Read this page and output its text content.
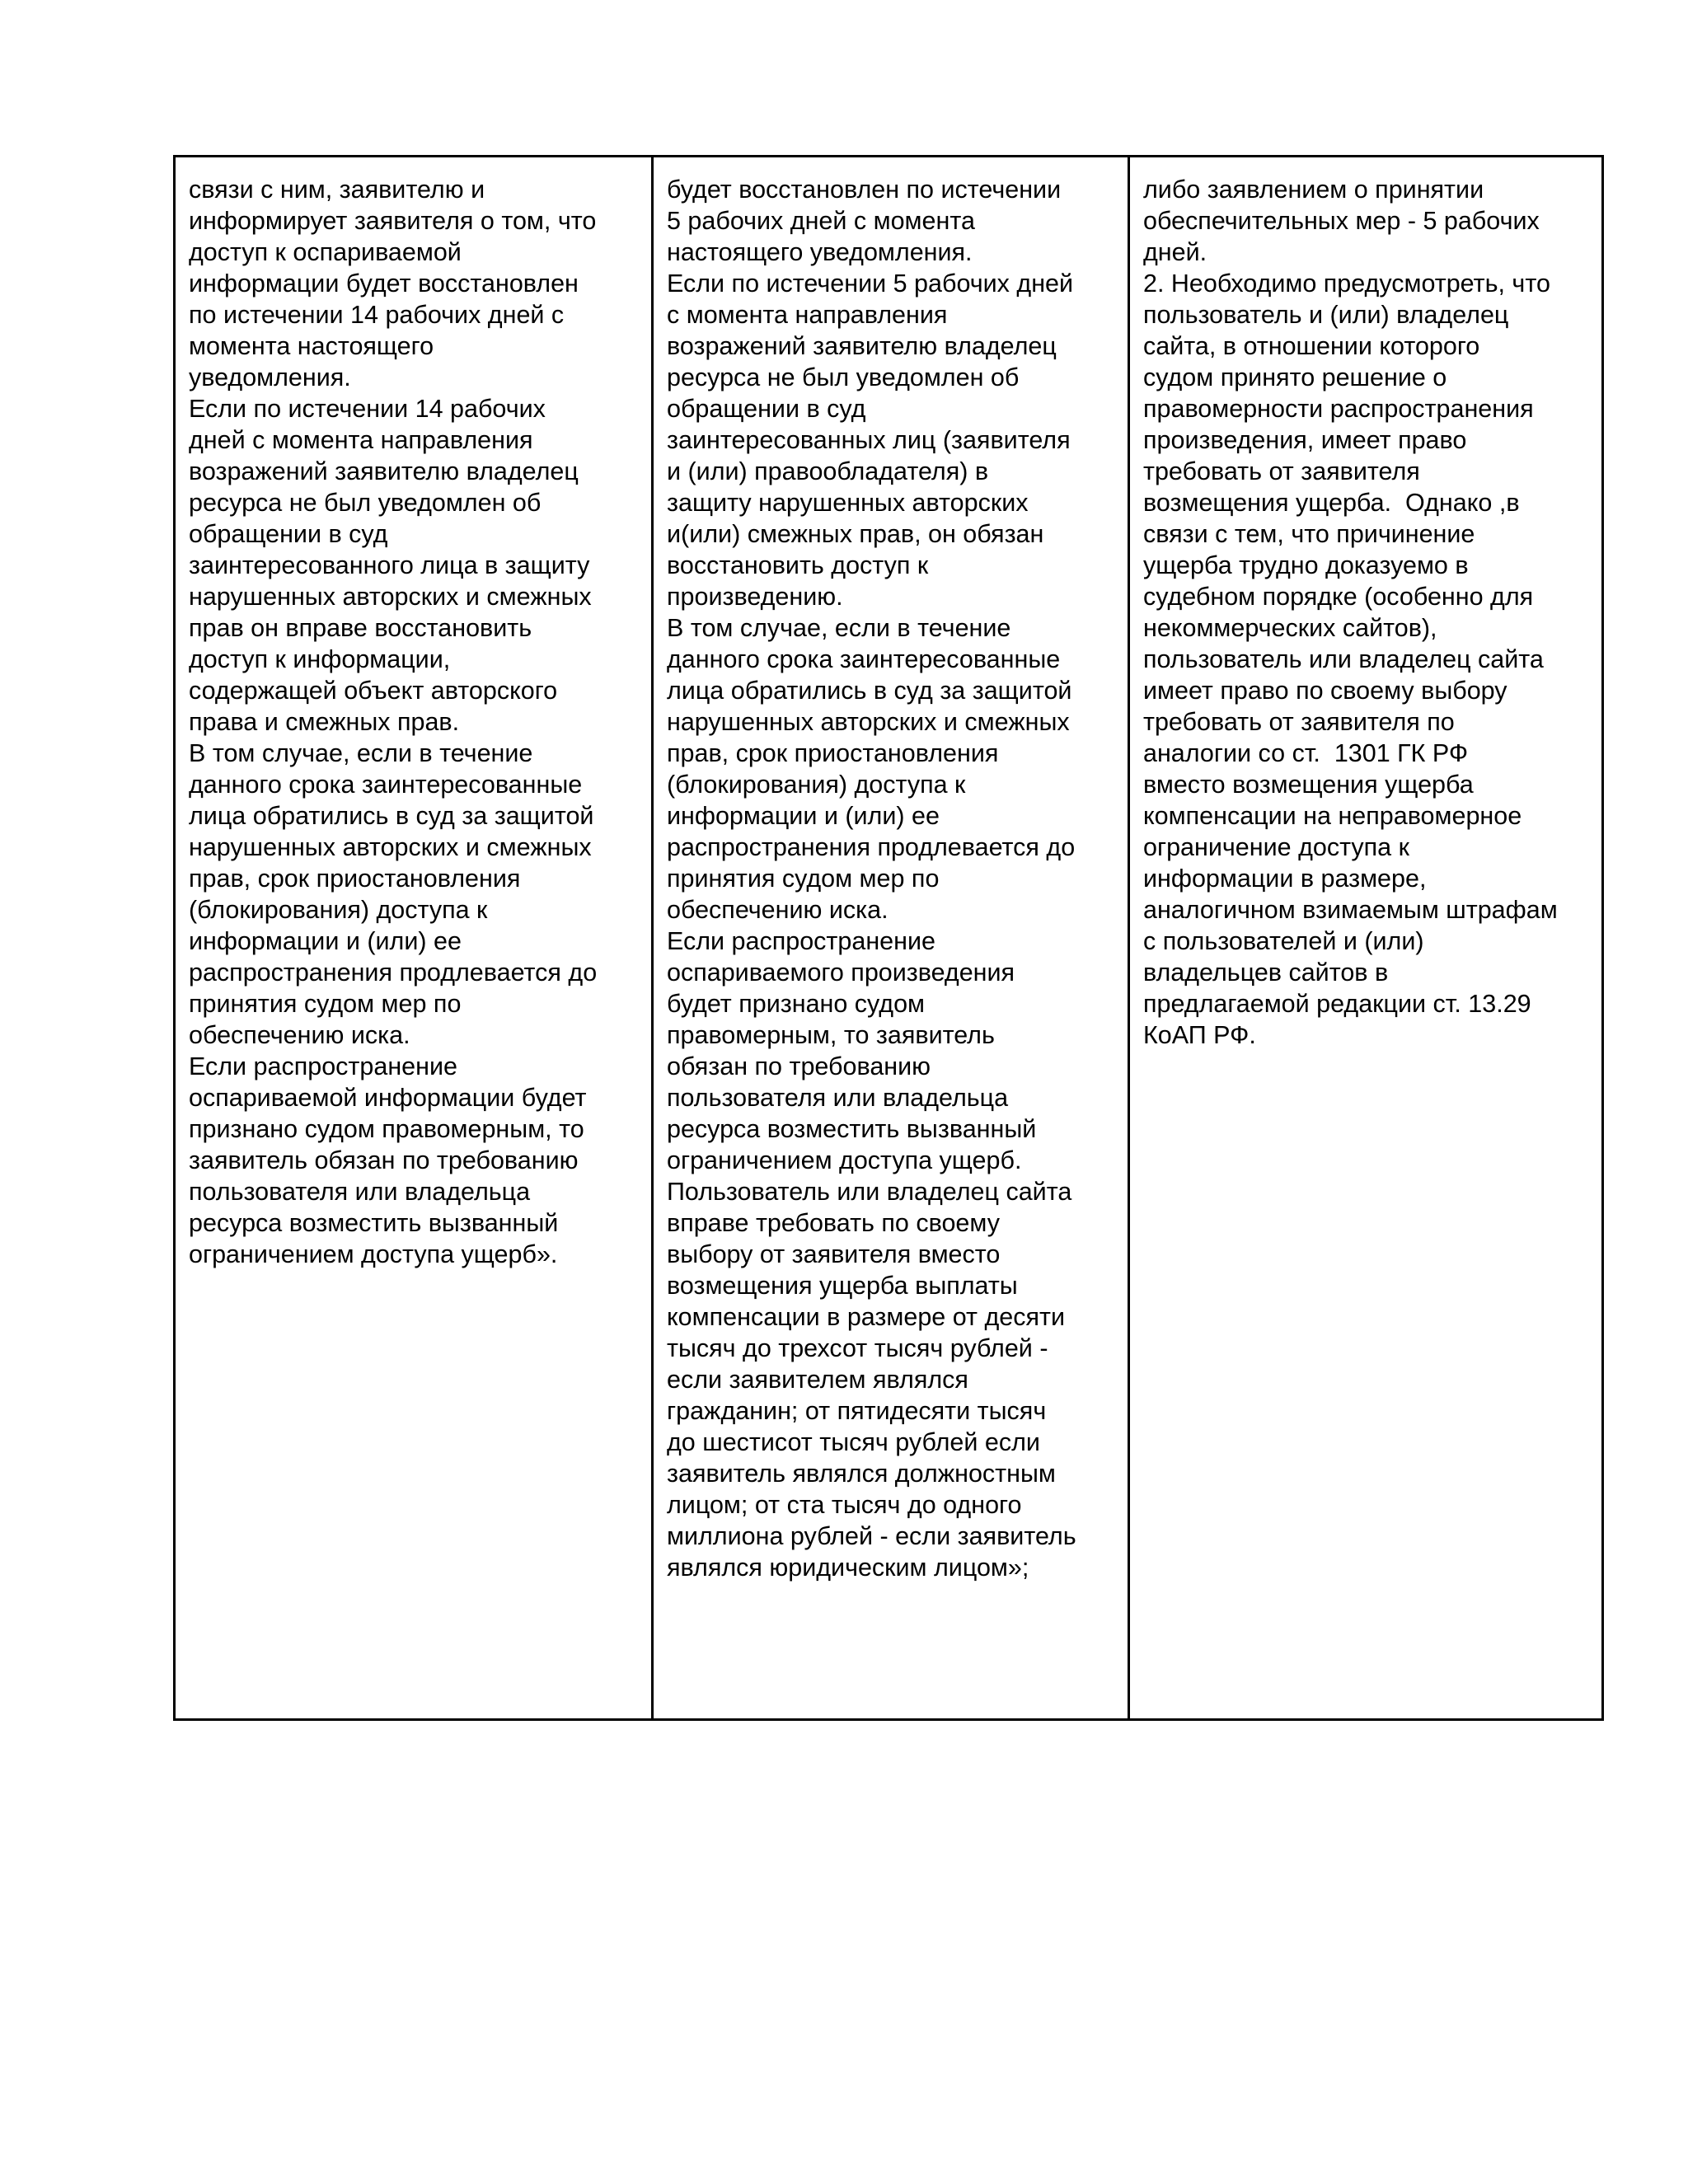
связи с ним, заявителю и
информирует заявителя о том, что
доступ к оспариваемой
информации будет восстановлен
по истечении 14 рабочих дней с
момента настоящего
уведомления.
Если по истечении 14 рабочих
дней с момента направления
возражений заявителю владелец
ресурса не был уведомлен об
обращении в суд
заинтересованного лица в защиту
нарушенных авторских и смежных
прав он вправе восстановить
доступ к информации,
содержащей объект авторского
права и смежных прав.
В том случае, если в течение
данного срока заинтересованные
лица обратились в суд за защитой
нарушенных авторских и смежных
прав, срок приостановления
(блокирования) доступа к
информации и (или) ее
распространения продлевается до
принятия судом мер по
обеспечению иска.
Если распространение
оспариваемой информации будет
признано судом правомерным, то
заявитель обязан по требованию
пользователя или владельца
ресурса возместить вызванный
ограничением доступа ущерб».
будет восстановлен по истечении
5 рабочих дней с момента
настоящего уведомления.
Если по истечении 5 рабочих дней
с момента направления
возражений заявителю владелец
ресурса не был уведомлен об
обращении в суд
заинтересованных лиц (заявителя
и (или) правообладателя) в
защиту нарушенных авторских
и(или) смежных прав, он обязан
восстановить доступ к
произведению.
В том случае, если в течение
данного срока заинтересованные
лица обратились в суд за защитой
нарушенных авторских и смежных
прав, срок приостановления
(блокирования) доступа к
информации и (или) ее
распространения продлевается до
принятия судом мер по
обеспечению иска.
Если распространение
оспариваемого произведения
будет признано судом
правомерным, то заявитель
обязан по требованию
пользователя или владельца
ресурса возместить вызванный
ограничением доступа ущерб.
Пользователь или владелец сайта
вправе требовать по своему
выбору от заявителя вместо
возмещения ущерба выплаты
компенсации в размере от десяти
тысяч до трехсот тысяч рублей -
если заявителем являлся
гражданин; от пятидесяти тысяч
до шестисот тысяч рублей если
заявитель являлся должностным
лицом; от ста тысяч до одного
миллиона рублей - если заявитель
являлся юридическим лицом»;
либо заявлением о принятии
обеспечительных мер - 5 рабочих
дней.
2. Необходимо предусмотреть, что
пользователь и (или) владелец
сайта, в отношении которого
судом принято решение о
правомерности распространения
произведения, имеет право
требовать от заявителя
возмещения ущерба.  Однако ,в
связи с тем, что причинение
ущерба трудно доказуемо в
судебном порядке (особенно для
некоммерческих сайтов),
пользователь или владелец сайта
имеет право по своему выбору
требовать от заявителя по
аналогии со ст.  1301 ГК РФ
вместо возмещения ущерба
компенсации на неправомерное
ограничение доступа к
информации в размере,
аналогичном взимаемым штрафам
с пользователей и (или)
владельцев сайтов в
предлагаемой редакции ст. 13.29
КоАП РФ.
